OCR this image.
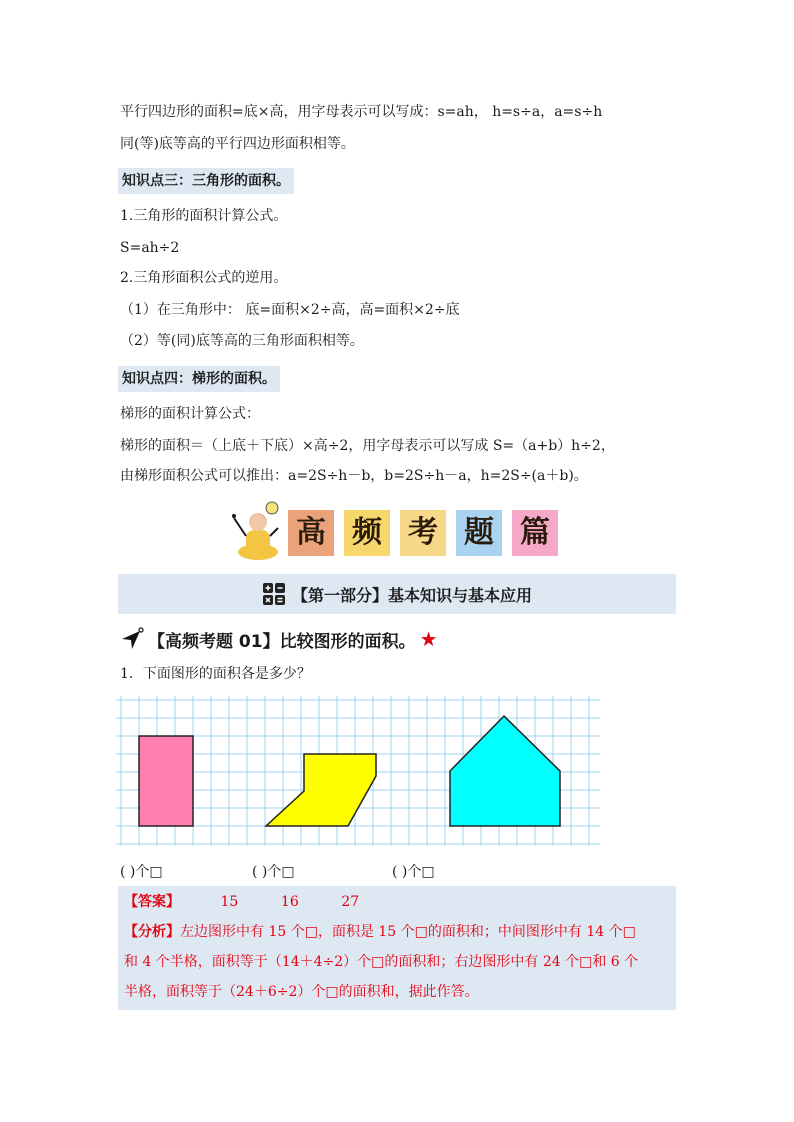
平行四边形的面积=底×高，用字母表示可以写成：s=ah， h=s÷a，a=s÷h
同(等)底等高的平行四边形面积相等。
知识点三：三角形的面积。
1.三角形的面积计算公式。
S=ah÷2
2.三角形面积公式的逆用。
（1）在三角形中： 底=面积×2÷高，高=面积×2÷底
（2）等(同)底等高的三角形面积相等。
知识点四：梯形的面积。
梯形的面积计算公式：
梯形的面积＝（上底＋下底）×高÷2，用字母表示可以写成 S=（a+b）h÷2，
由梯形面积公式可以推出：a=2S÷h－b，b=2S÷h－a，h=2S÷(a＋b)。
高 频 考 题 篇
【第一部分】基本知识与基本应用
【高频考题 01】比较图形的面积。 ★
1．下面图形的面积各是多少？
( )个□	( )个□	( )个□
【答案】	15	16	27
【分析】左边图形中有 15 个□，面积是 15 个□的面积和；中间图形中有 14 个□
和 4 个半格，面积等于（14＋4÷2）个□的面积和；右边图形中有 24 个□和 6 个
半格，面积等于（24＋6÷2）个□的面积和，据此作答。
